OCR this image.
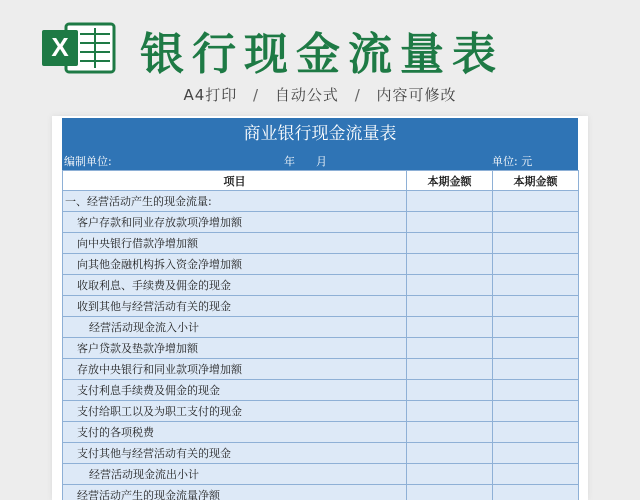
X 银行现金流量表
A4打印 / 自动公式 / 内容可修改
商业银行现金流量表
编制单位:	年 月	单位: 元
项目	本期金额	本期金额
一、经营活动产生的现金流量:		
客户存款和同业存放款项净增加额		
向中央银行借款净增加额		
向其他金融机构拆入资金净增加额		
收取利息、手续费及佣金的现金		
收到其他与经营活动有关的现金		
经营活动现金流入小计		
客户贷款及垫款净增加额		
存放中央银行和同业款项净增加额		
支付利息手续费及佣金的现金		
支付给职工以及为职工支付的现金		
支付的各项税费		
支付其他与经营活动有关的现金		
经营活动现金流出小计		
经营活动产生的现金流量净额		
